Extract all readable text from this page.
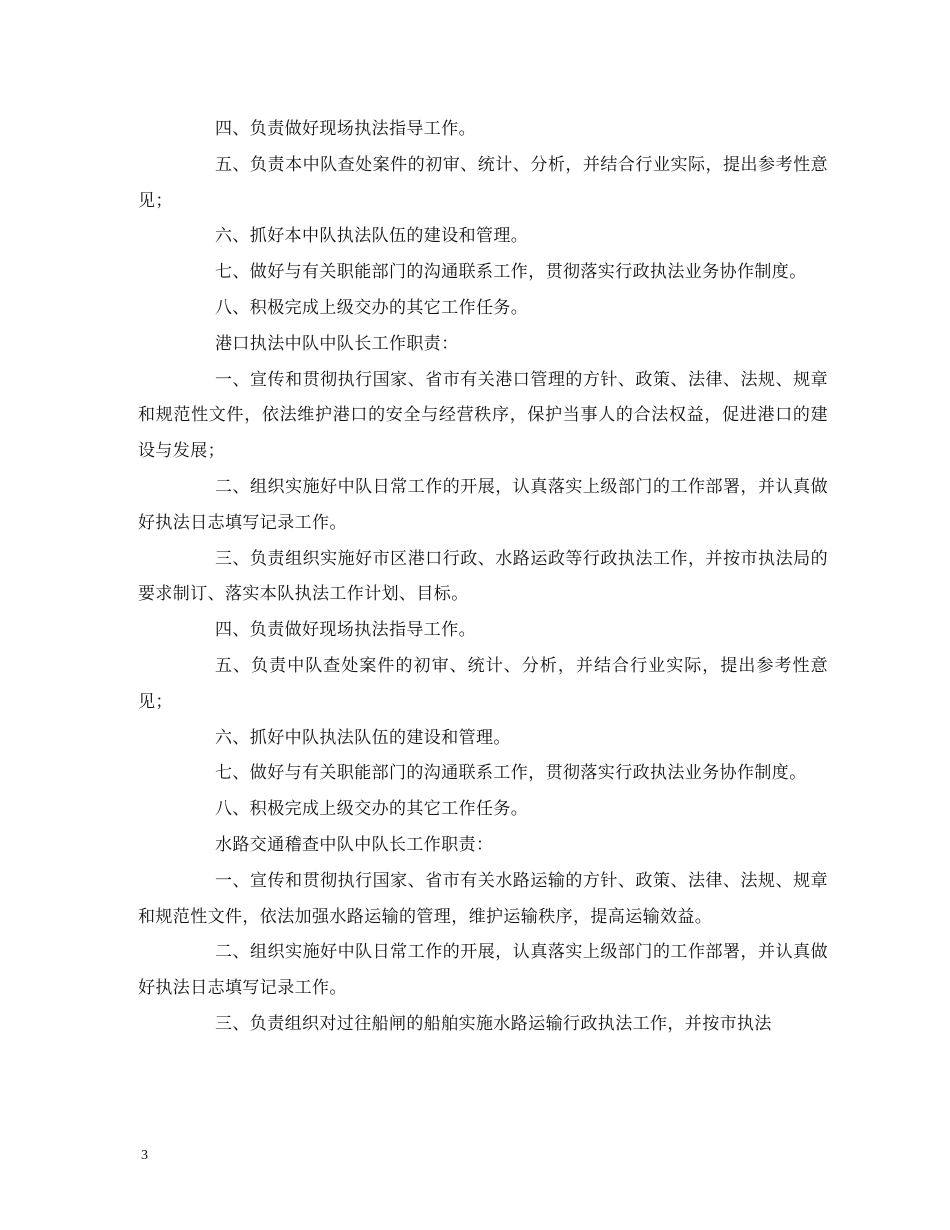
四、负责做好现场执法指导工作。

五、负责本中队查处案件的初审、统计、分析，并结合行业实际，提出参考性意见；

六、抓好本中队执法队伍的建设和管理。

七、做好与有关职能部门的沟通联系工作，贯彻落实行政执法业务协作制度。

八、积极完成上级交办的其它工作任务。

港口执法中队中队长工作职责：

一、宣传和贯彻执行国家、省市有关港口管理的方针、政策、法律、法规、规章和规范性文件，依法维护港口的安全与经营秩序，保护当事人的合法权益，促进港口的建设与发展；

二、组织实施好中队日常工作的开展，认真落实上级部门的工作部署，并认真做好执法日志填写记录工作。

三、负责组织实施好市区港口行政、水路运政等行政执法工作，并按市执法局的要求制订、落实本队执法工作计划、目标。

四、负责做好现场执法指导工作。

五、负责中队查处案件的初审、统计、分析，并结合行业实际，提出参考性意见；

六、抓好中队执法队伍的建设和管理。

七、做好与有关职能部门的沟通联系工作，贯彻落实行政执法业务协作制度。

八、积极完成上级交办的其它工作任务。

水路交通稽查中队中队长工作职责：

一、宣传和贯彻执行国家、省市有关水路运输的方针、政策、法律、法规、规章和规范性文件，依法加强水路运输的管理，维护运输秩序，提高运输效益。

二、组织实施好中队日常工作的开展，认真落实上级部门的工作部署，并认真做好执法日志填写记录工作。

三、负责组织对过往船闸的船舶实施水路运输行政执法工作，并按市执法

3
